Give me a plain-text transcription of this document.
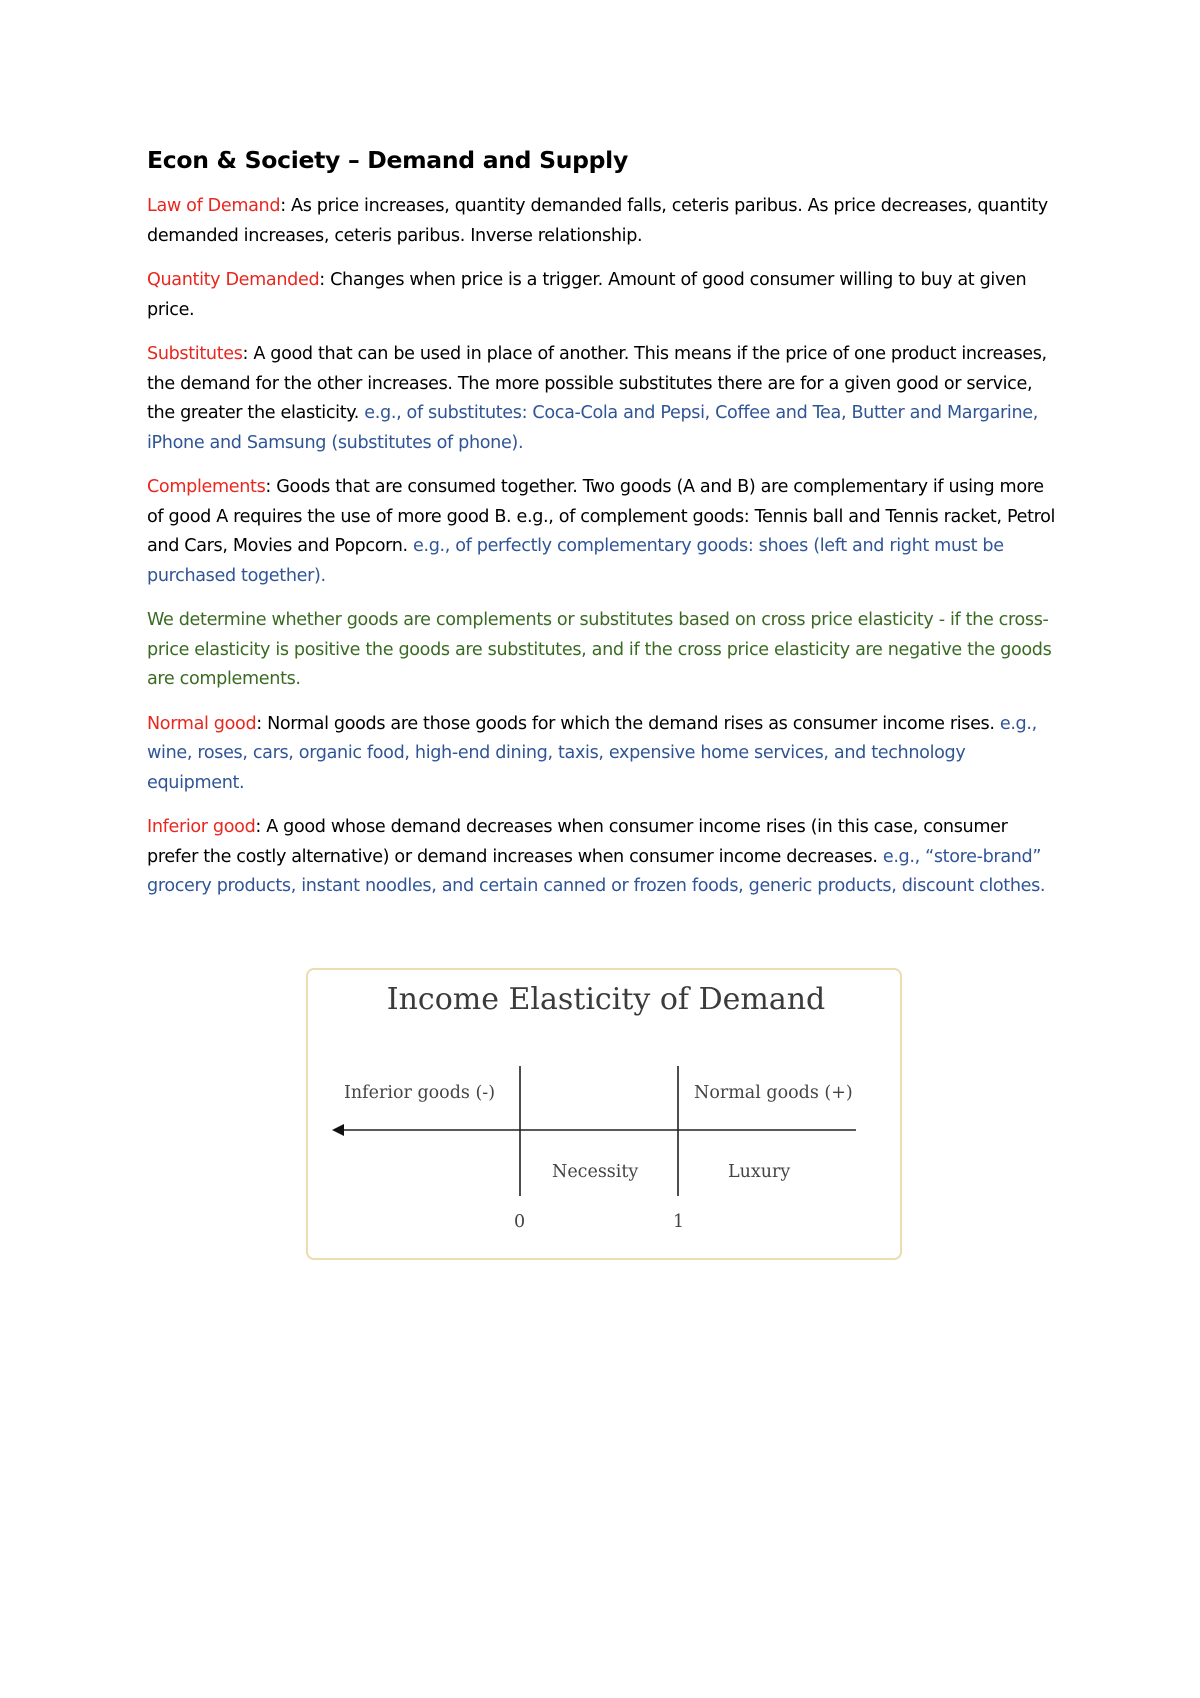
Econ & Society – Demand and Supply

Law of Demand: As price increases, quantity demanded falls, ceteris paribus. As price decreases, quantity demanded increases, ceteris paribus. Inverse relationship.

Quantity Demanded: Changes when price is a trigger. Amount of good consumer willing to buy at given price.

Substitutes: A good that can be used in place of another. This means if the price of one product increases, the demand for the other increases. The more possible substitutes there are for a given good or service, the greater the elasticity. e.g., of substitutes: Coca-Cola and Pepsi, Coffee and Tea, Butter and Margarine, iPhone and Samsung (substitutes of phone).

Complements: Goods that are consumed together. Two goods (A and B) are complementary if using more of good A requires the use of more good B. e.g., of complement goods: Tennis ball and Tennis racket, Petrol and Cars, Movies and Popcorn. e.g., of perfectly complementary goods: shoes (left and right must be purchased together).

We determine whether goods are complements or substitutes based on cross price elasticity - if the cross-price elasticity is positive the goods are substitutes, and if the cross price elasticity are negative the goods are complements.

Normal good: Normal goods are those goods for which the demand rises as consumer income rises. e.g., wine, roses, cars, organic food, high-end dining, taxis, expensive home services, and technology equipment.

Inferior good: A good whose demand decreases when consumer income rises (in this case, consumer prefer the costly alternative) or demand increases when consumer income decreases. e.g., “store-brand” grocery products, instant noodles, and certain canned or frozen foods, generic products, discount clothes.

Income Elasticity of Demand
Inferior goods (-)	Normal goods (+)
Necessity	Luxury
0	1
